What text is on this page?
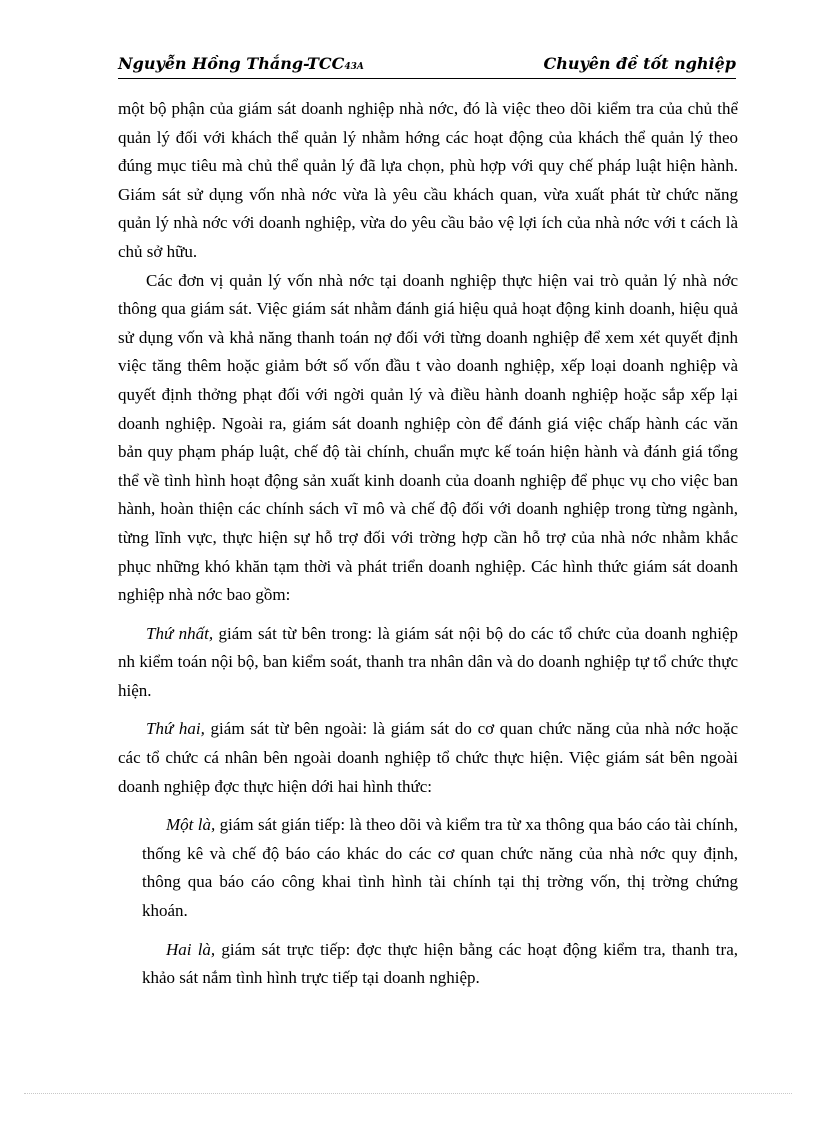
Nguyễn Hồng Thắng-TCC43A	Chuyên đề tốt nghiệp

một bộ phận của giám sát doanh nghiệp nhà nớc, đó là việc theo dõi kiểm tra của chủ thể quản lý đối với khách thể quản lý nhằm hớng các hoạt động của khách thể quản lý theo đúng mục tiêu mà chủ thể quản lý đã lựa chọn, phù hợp với quy chế pháp luật hiện hành. Giám sát sử dụng vốn nhà nớc vừa là yêu cầu khách quan, vừa xuất phát từ chức năng quản lý nhà nớc với doanh nghiệp, vừa do yêu cầu bảo vệ lợi ích của nhà nớc với t cách là chủ sở hữu.

Các đơn vị quản lý vốn nhà nớc tại doanh nghiệp thực hiện vai trò quản lý nhà nớc thông qua giám sát. Việc giám sát nhằm đánh giá hiệu quả hoạt động kinh doanh, hiệu quả sử dụng vốn và khả năng thanh toán nợ đối với từng doanh nghiệp để xem xét quyết định việc tăng thêm hoặc giảm bớt số vốn đầu t vào doanh nghiệp, xếp loại doanh nghiệp và quyết định thởng phạt đối với ngời quản lý và điều hành doanh nghiệp hoặc sắp xếp lại doanh nghiệp. Ngoài ra, giám sát doanh nghiệp còn để đánh giá việc chấp hành các văn bản quy phạm pháp luật, chế độ tài chính, chuẩn mực kế toán hiện hành và đánh giá tổng thể về tình hình hoạt động sản xuất kinh doanh của doanh nghiệp để phục vụ cho việc ban hành, hoàn thiện các chính sách vĩ mô và chế độ đối với doanh nghiệp trong từng ngành, từng lĩnh vực, thực hiện sự hỗ trợ đối với trờng hợp cần hỗ trợ của nhà nớc nhằm khắc phục những khó khăn tạm thời và phát triển doanh nghiệp. Các hình thức giám sát doanh nghiệp nhà nớc bao gồm:

Thứ nhất, giám sát từ bên trong: là giám sát nội bộ do các tổ chức của doanh nghiệp nh kiểm toán nội bộ, ban kiểm soát, thanh tra nhân dân và do doanh nghiệp tự tổ chức thực hiện.

Thứ hai, giám sát từ bên ngoài: là giám sát do cơ quan chức năng của nhà nớc hoặc các tổ chức cá nhân bên ngoài doanh nghiệp tổ chức thực hiện. Việc giám sát bên ngoài doanh nghiệp đợc thực hiện dới hai hình thức:

Một là, giám sát gián tiếp: là theo dõi và kiểm tra từ xa thông qua báo cáo tài chính, thống kê và chế độ báo cáo khác do các cơ quan chức năng của nhà nớc quy định, thông qua báo cáo công khai tình hình tài chính tại thị trờng vốn, thị trờng chứng khoán.

Hai là, giám sát trực tiếp: đợc thực hiện bằng các hoạt động kiểm tra, thanh tra, khảo sát nắm tình hình trực tiếp tại doanh nghiệp.
